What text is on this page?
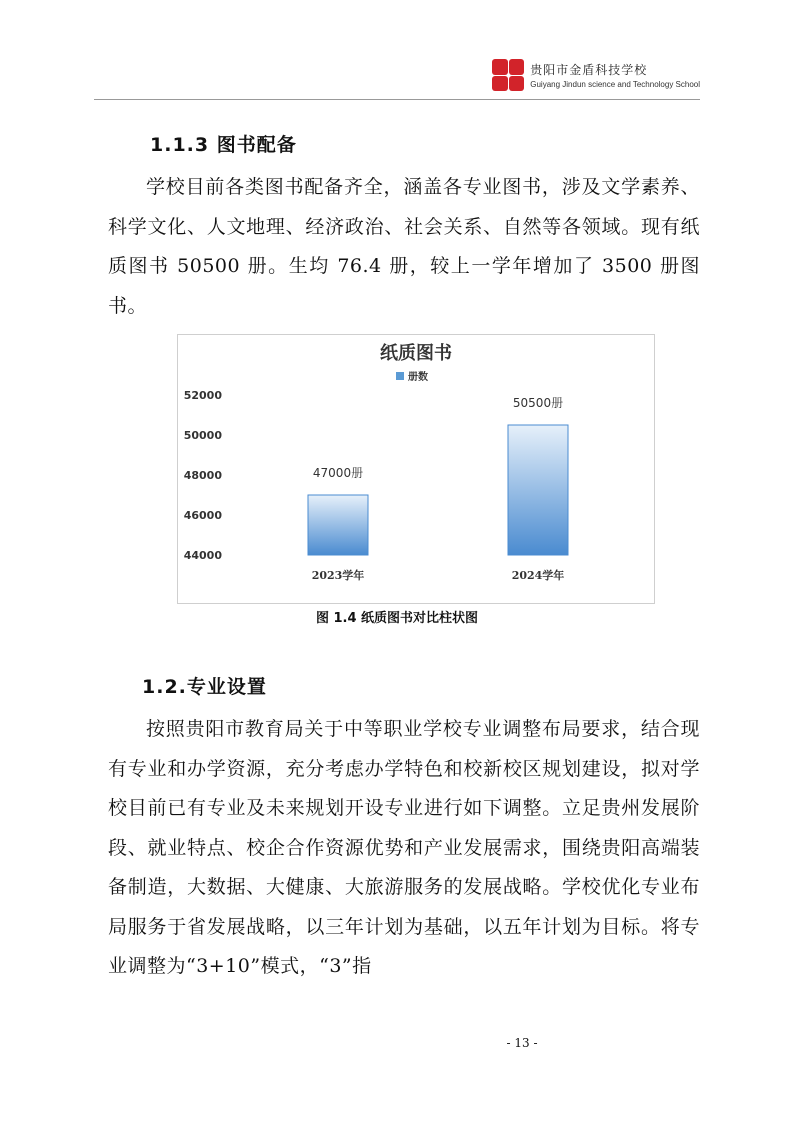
贵阳市金盾科技学校
Guiyang Jindun science and Technology School
1.1.3 图书配备

学校目前各类图书配备齐全，涵盖各专业图书，涉及文学素养、科学文化、人文地理、经济政治、社会关系、自然等各领域。现有纸质图书 50500 册。生均 76.4 册，较上一学年增加了 3500 册图书。

纸质图书
册数
44000
46000
48000
50000
52000
47000册
50500册
2023学年	2024学年
图 1.4 纸质图书对比柱状图
1.2.专业设置

按照贵阳市教育局关于中等职业学校专业调整布局要求，结合现有专业和办学资源，充分考虑办学特色和校新校区规划建设，拟对学校目前已有专业及未来规划开设专业进行如下调整。立足贵州发展阶段、就业特点、校企合作资源优势和产业发展需求，围绕贵阳高端装备制造，大数据、大健康、大旅游服务的发展战略。学校优化专业布局服务于省发展战略，以三年计划为基础，以五年计划为目标。将专业调整为“3+10”模式，“3”指

- 13 -
